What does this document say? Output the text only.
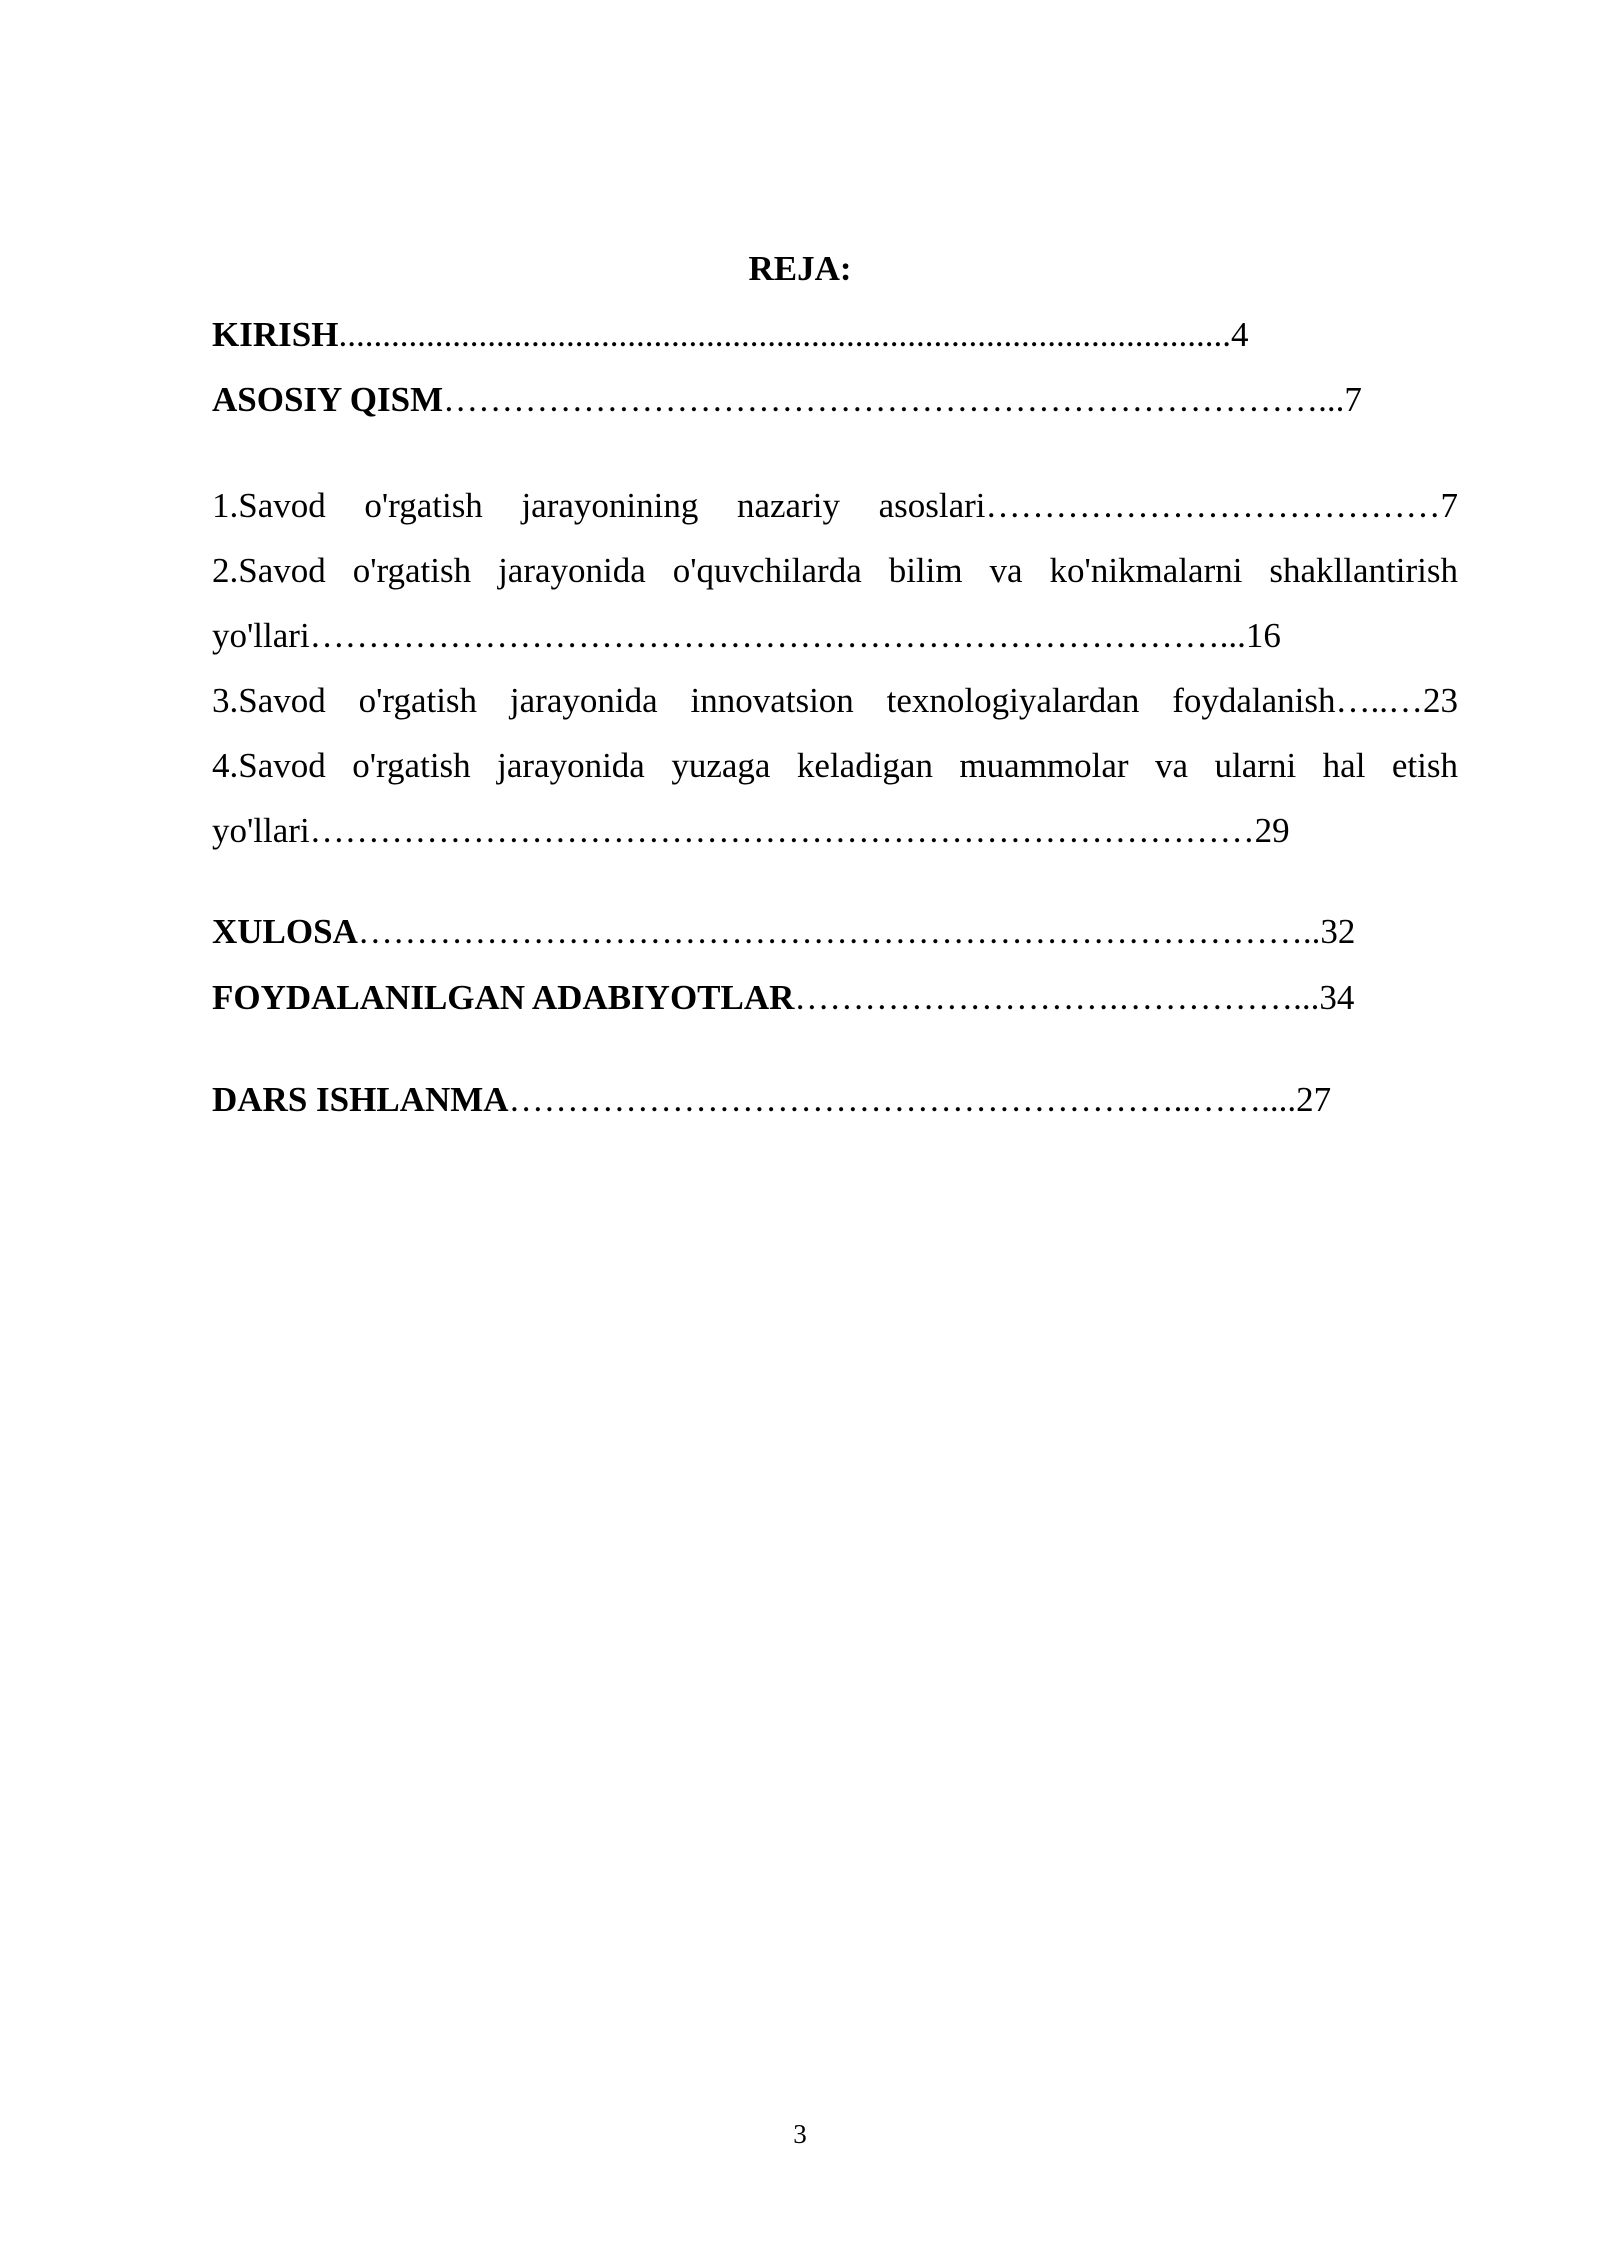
REJA:
KIRISH......................................................................................................4
ASOSIY QISM…………………………………………………………………...7
1.Savod o'rgatish jarayonining nazariy asoslari…………………………………7
2.Savod o'rgatish jarayonida o'quvchilarda bilim va ko'nikmalarni shakllantirish
yo'llari……………………………………………………………………...16
3.Savod o'rgatish jarayonida innovatsion texnologiyalardan foydalanish…..…23
4.Savod o'rgatish jarayonida yuzaga keladigan muammolar va ularni hal etish
yo'llari………………………………………………………………………29
XULOSA………………………………………………………………………..32
FOYDALANILGAN ADABIYOTLAR……………………….……………...34
DARS ISHLANMA…………………………………………………..……....27
3
